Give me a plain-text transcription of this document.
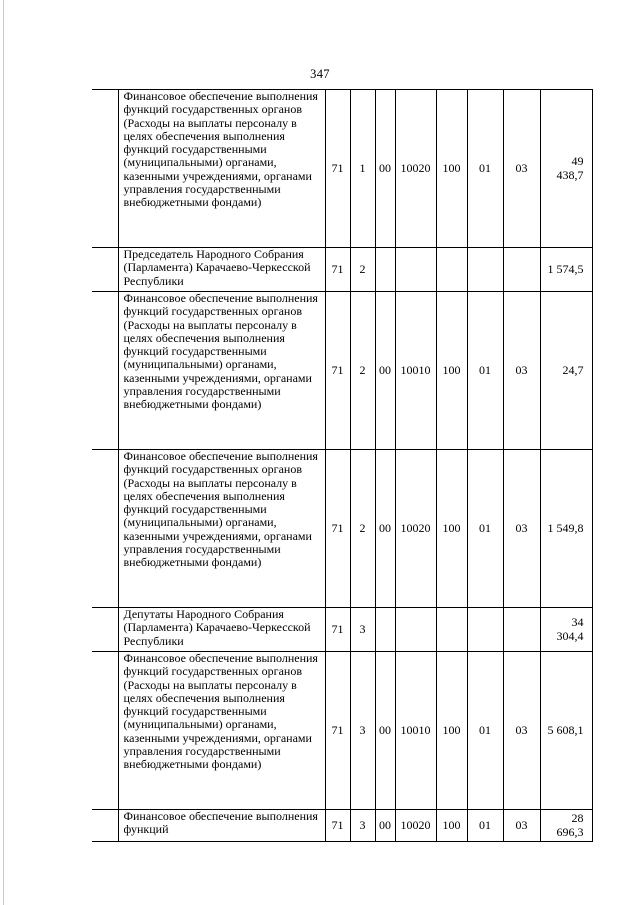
347
	Финансовое обеспечение выполнения функций государственных органов (Расходы на выплаты персоналу в целях обеспечения выполнения функций государственными (муниципальными) органами, казенными учреждениями, органами управления государственными внебюджетными фондами)	71	1	00	10020	100	01	03	49 438,7
	Председатель Народного Собрания (Парламента) Карачаево-Черкесской Республики	71	2						1 574,5
	Финансовое обеспечение выполнения функций государственных органов (Расходы на выплаты персоналу в целях обеспечения выполнения функций государственными (муниципальными) органами, казенными учреждениями, органами управления государственными внебюджетными фондами)	71	2	00	10010	100	01	03	24,7
	Финансовое обеспечение выполнения функций государственных органов (Расходы на выплаты персоналу в целях обеспечения выполнения функций государственными (муниципальными) органами, казенными учреждениями, органами управления государственными внебюджетными фондами)	71	2	00	10020	100	01	03	1 549,8
	Депутаты Народного Собрания (Парламента) Карачаево-Черкесской Республики	71	3						34 304,4
	Финансовое обеспечение выполнения функций государственных органов (Расходы на выплаты персоналу в целях обеспечения выполнения функций государственными (муниципальными) органами, казенными учреждениями, органами управления государственными внебюджетными фондами)	71	3	00	10010	100	01	03	5 608,1
	Финансовое обеспечение выполнения функций	71	3	00	10020	100	01	03	28 696,3
